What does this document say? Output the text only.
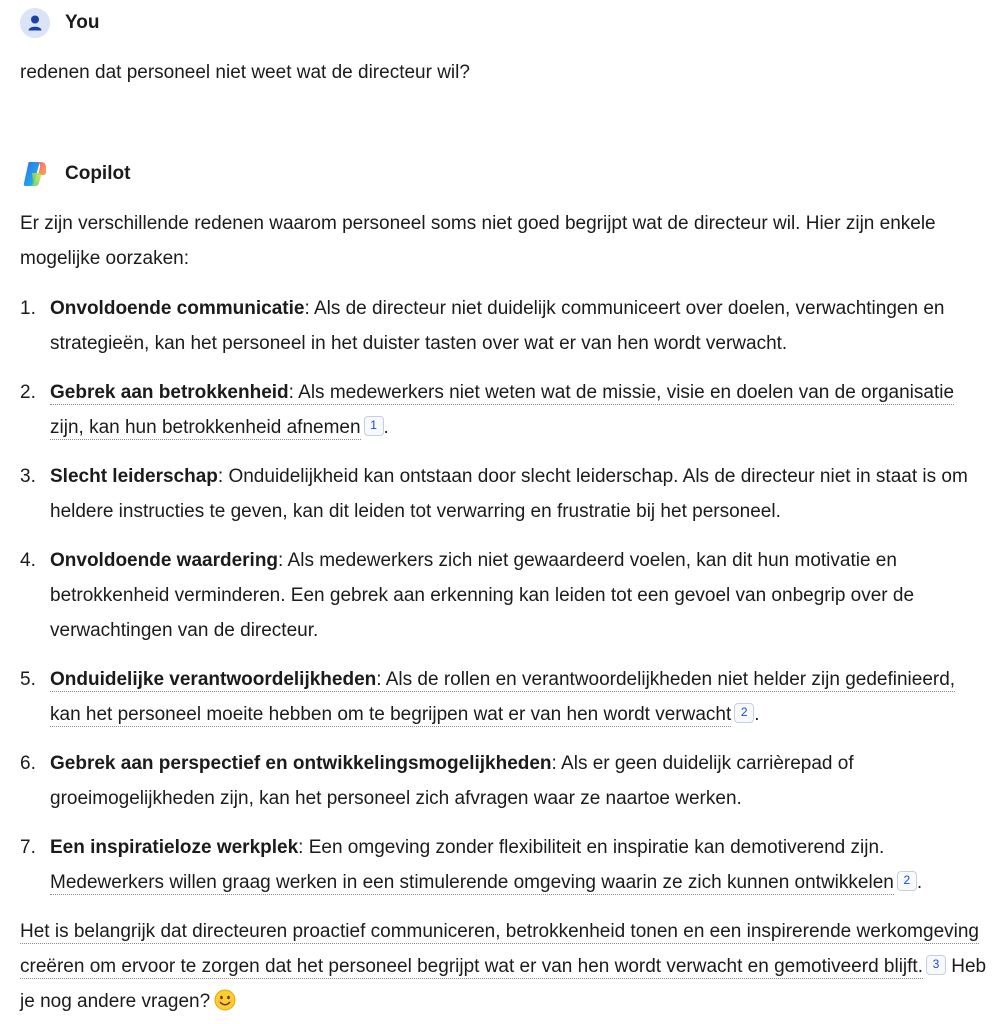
You

redenen dat personeel niet weet wat de directeur wil?

Copilot

Er zijn verschillende redenen waarom personeel soms niet goed begrijpt wat de directeur wil. Hier zijn enkele mogelijke oorzaken:

1. Onvoldoende communicatie: Als de directeur niet duidelijk communiceert over doelen, verwachtingen en strategieën, kan het personeel in het duister tasten over wat er van hen wordt verwacht.
2. Gebrek aan betrokkenheid: Als medewerkers niet weten wat de missie, visie en doelen van de organisatie zijn, kan hun betrokkenheid afnemen 1 .
3. Slecht leiderschap: Onduidelijkheid kan ontstaan door slecht leiderschap. Als de directeur niet in staat is om heldere instructies te geven, kan dit leiden tot verwarring en frustratie bij het personeel.
4. Onvoldoende waardering: Als medewerkers zich niet gewaardeerd voelen, kan dit hun motivatie en betrokkenheid verminderen. Een gebrek aan erkenning kan leiden tot een gevoel van onbegrip over de verwachtingen van de directeur.
5. Onduidelijke verantwoordelijkheden: Als de rollen en verantwoordelijkheden niet helder zijn gedefinieerd, kan het personeel moeite hebben om te begrijpen wat er van hen wordt verwacht 2 .
6. Gebrek aan perspectief en ontwikkelingsmogelijkheden: Als er geen duidelijk carrièrepad of groeimogelijkheden zijn, kan het personeel zich afvragen waar ze naartoe werken.
7. Een inspiratieloze werkplek: Een omgeving zonder flexibiliteit en inspiratie kan demotiverend zijn. Medewerkers willen graag werken in een stimulerende omgeving waarin ze zich kunnen ontwikkelen 2 .

Het is belangrijk dat directeuren proactief communiceren, betrokkenheid tonen en een inspirerende werkomgeving creëren om ervoor te zorgen dat het personeel begrijpt wat er van hen wordt verwacht en gemotiveerd blijft. 3 Heb je nog andere vragen?
